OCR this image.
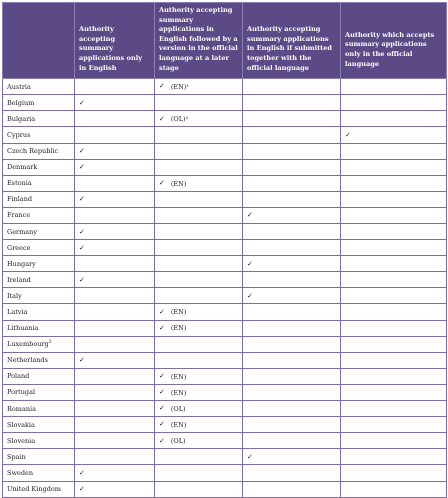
	Authority accepting summary applications only in English	Authority accepting summary applications in English followed by a version in the official language at a later stage	Authority accepting summary applications in English if submitted together with the official language	Authority which accepts summary applications only in the official language
Austria		✓ (EN)¹		

Belgium	✓			

Bulgaria		✓ (OL)²		

Cyprus				✓

Czech Republic	✓			

Denmark	✓			

Estonia		✓ (EN)		

Finland	✓			

France			✓	

Germany	✓			

Greece	✓			

Hungary			✓	

Ireland	✓			

Italy			✓	

Latvia		✓ (EN)		

Lithuania		✓ (EN)		

Luxembourg$^3$				
Netherlands	✓			

Poland		✓ (EN)		

Portugal		✓ (EN)		

Romania		✓ (OL)		

Slovakia		✓ (EN)		

Slovenia		✓ (OL)		

Spain			✓	

Sweden	✓			

United Kingdom	✓			
